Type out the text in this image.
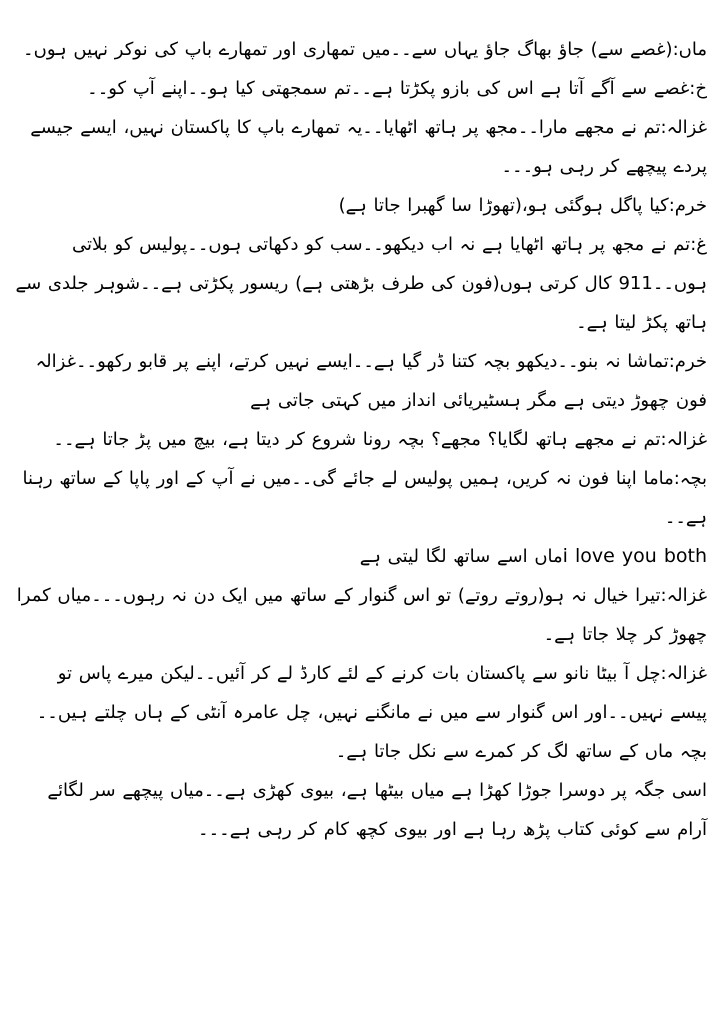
ماں:(غصے سے) جاؤ بھاگ جاؤ یہاں سے۔۔میں تمھاری اور تمھارے باپ کی نوکر نہیں ہوں۔

خ:غصے سے آگے آتا ہے اس کی بازو پکڑتا ہے۔۔تم سمجھتی کیا ہو۔۔اپنے آپ کو۔۔

غزالہ:تم نے مجھے مارا۔۔مجھ پر ہاتھ اٹھایا۔۔یہ تمھارے باپ کا پاکستان نہیں، ایسے جیسے پردے پیچھے کر رہی ہو۔۔۔

خرم:کیا پاگل ہوگئی ہو،(تھوڑا سا گھبرا جاتا ہے)

غ:تم نے مجھ پر ہاتھ اٹھایا ہے نہ اب دیکھو۔۔سب کو دکھاتی ہوں۔۔پولیس کو بلاتی ہوں۔۔911 کال کرتی ہوں(فون کی طرف بڑھتی ہے) ریسور پکڑتی ہے۔۔شوہر جلدی سے ہاتھ پکڑ لیتا ہے۔

خرم:تماشا نہ بنو۔۔دیکھو بچہ کتنا ڈر گیا ہے۔۔ایسے نہیں کرتے، اپنے پر قابو رکھو۔۔غزالہ فون چھوڑ دیتی ہے مگر ہسٹیریائی انداز میں کہتی جاتی ہے

غزالہ:تم نے مجھے ہاتھ لگایا؟ مجھے؟ بچہ رونا شروع کر دیتا ہے، بیچ میں پڑ جاتا ہے۔۔

بچہ:ماما اپنا فون نہ کریں، ہمیں پولیس لے جائے گی۔۔میں نے آپ کے اور پاپا کے ساتھ رہنا ہے۔۔

i love you bothماں اسے ساتھ لگا لیتی ہے

غزالہ:تیرا خیال نہ ہو(روتے روتے) تو اس گنوار کے ساتھ میں ایک دن نہ رہوں۔۔۔میاں کمرا چھوڑ کر چلا جاتا ہے۔

غزالہ:چل آ بیٹا نانو سے پاکستان بات کرنے کے لئے کارڈ لے کر آئیں۔۔لیکن میرے پاس تو پیسے نہیں۔۔اور اس گنوار سے میں نے مانگنے نہیں، چل عامرہ آنٹی کے ہاں چلتے ہیں۔۔

بچہ ماں کے ساتھ لگ کر کمرے سے نکل جاتا ہے۔

اسی جگہ پر دوسرا جوڑا کھڑا ہے میاں بیٹھا ہے، بیوی کھڑی ہے۔۔میاں پیچھے سر لگائے آرام سے کوئی کتاب پڑھ رہا ہے اور بیوی کچھ کام کر رہی ہے۔۔۔
